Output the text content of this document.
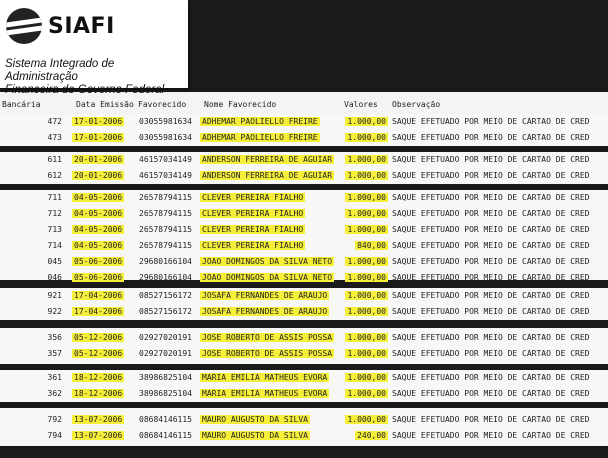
SIAFI
Sistema Integrado de Administração
Financeira do Governo Federal
Bancária	Data Emissão Favorecido Nome Favorecido	Valores Observação
472 17-01-2006 03055981634 ADHEMAR PAOLIELLO FREIRE	1.000,00 SAQUE EFETUADO POR MEIO DE CARTAO DE CRED
473 17-01-2006 03055981634 ADHEMAR PAOLIELLO FREIRE	1.000,00 SAQUE EFETUADO POR MEIO DE CARTAO DE CRED
611 20-01-2006 46157034149 ANDERSON FERREIRA DE AGUIAR	1.000,00 SAQUE EFETUADO POR MEIO DE CARTAO DE CRED
612 20-01-2006 46157034149 ANDERSON FERREIRA DE AGUIAR	1.000,00 SAQUE EFETUADO POR MEIO DE CARTAO DE CRED
711 04-05-2006 26578794115 CLEVER PEREIRA FIALHO	1.000,00 SAQUE EFETUADO POR MEIO DE CARTAO DE CRED
712 04-05-2006 26578794115 CLEVER PEREIRA FIALHO	1.000,00 SAQUE EFETUADO POR MEIO DE CARTAO DE CRED
713 04-05-2006 26578794115 CLEVER PEREIRA FIALHO	1.000,00 SAQUE EFETUADO POR MEIO DE CARTAO DE CRED
714 04-05-2006 26578794115 CLEVER PEREIRA FIALHO	840,00 SAQUE EFETUADO POR MEIO DE CARTAO DE CRED
045 05-06-2006 29680166104 JOAO DOMINGOS DA SILVA NETO	1.000,00 SAQUE EFETUADO POR MEIO DE CARTAO DE CRED
046 05-06-2006 29680166104 JOAO DOMINGOS DA SILVA NETO	1.000,00 SAQUE EFETUADO POR MEIO DE CARTAO DE CRED
921 17-04-2006 08527156172 JOSAFA FERNANDES DE ARAUJO	1.000,00 SAQUE EFETUADO POR MEIO DE CARTAO DE CRED
922 17-04-2006 08527156172 JOSAFA FERNANDES DE ARAUJO	1.000,00 SAQUE EFETUADO POR MEIO DE CARTAO DE CRED
356 05-12-2006 02927020191 JOSE ROBERTO DE ASSIS POSSA	1.000,00 SAQUE EFETUADO POR MEIO DE CARTAO DE CRED
357 05-12-2006 02927020191 JOSE ROBERTO DE ASSIS POSSA	1.000,00 SAQUE EFETUADO POR MEIO DE CARTAO DE CRED
361 18-12-2006 38986825104 MARIA EMILIA MATHEUS EVORA	1.000,00 SAQUE EFETUADO POR MEIO DE CARTAO DE CRED
362 18-12-2006 38986825104 MARIA EMILIA MATHEUS EVORA	1.000,00 SAQUE EFETUADO POR MEIO DE CARTAO DE CRED
792 13-07-2006 08684146115 MAURO AUGUSTO DA SILVA	1.000,00 SAQUE EFETUADO POR MEIO DE CARTAO DE CRED
794 13-07-2006 08684146115 MAURO AUGUSTO DA SILVA	240,00 SAQUE EFETUADO POR MEIO DE CARTAO DE CRED
